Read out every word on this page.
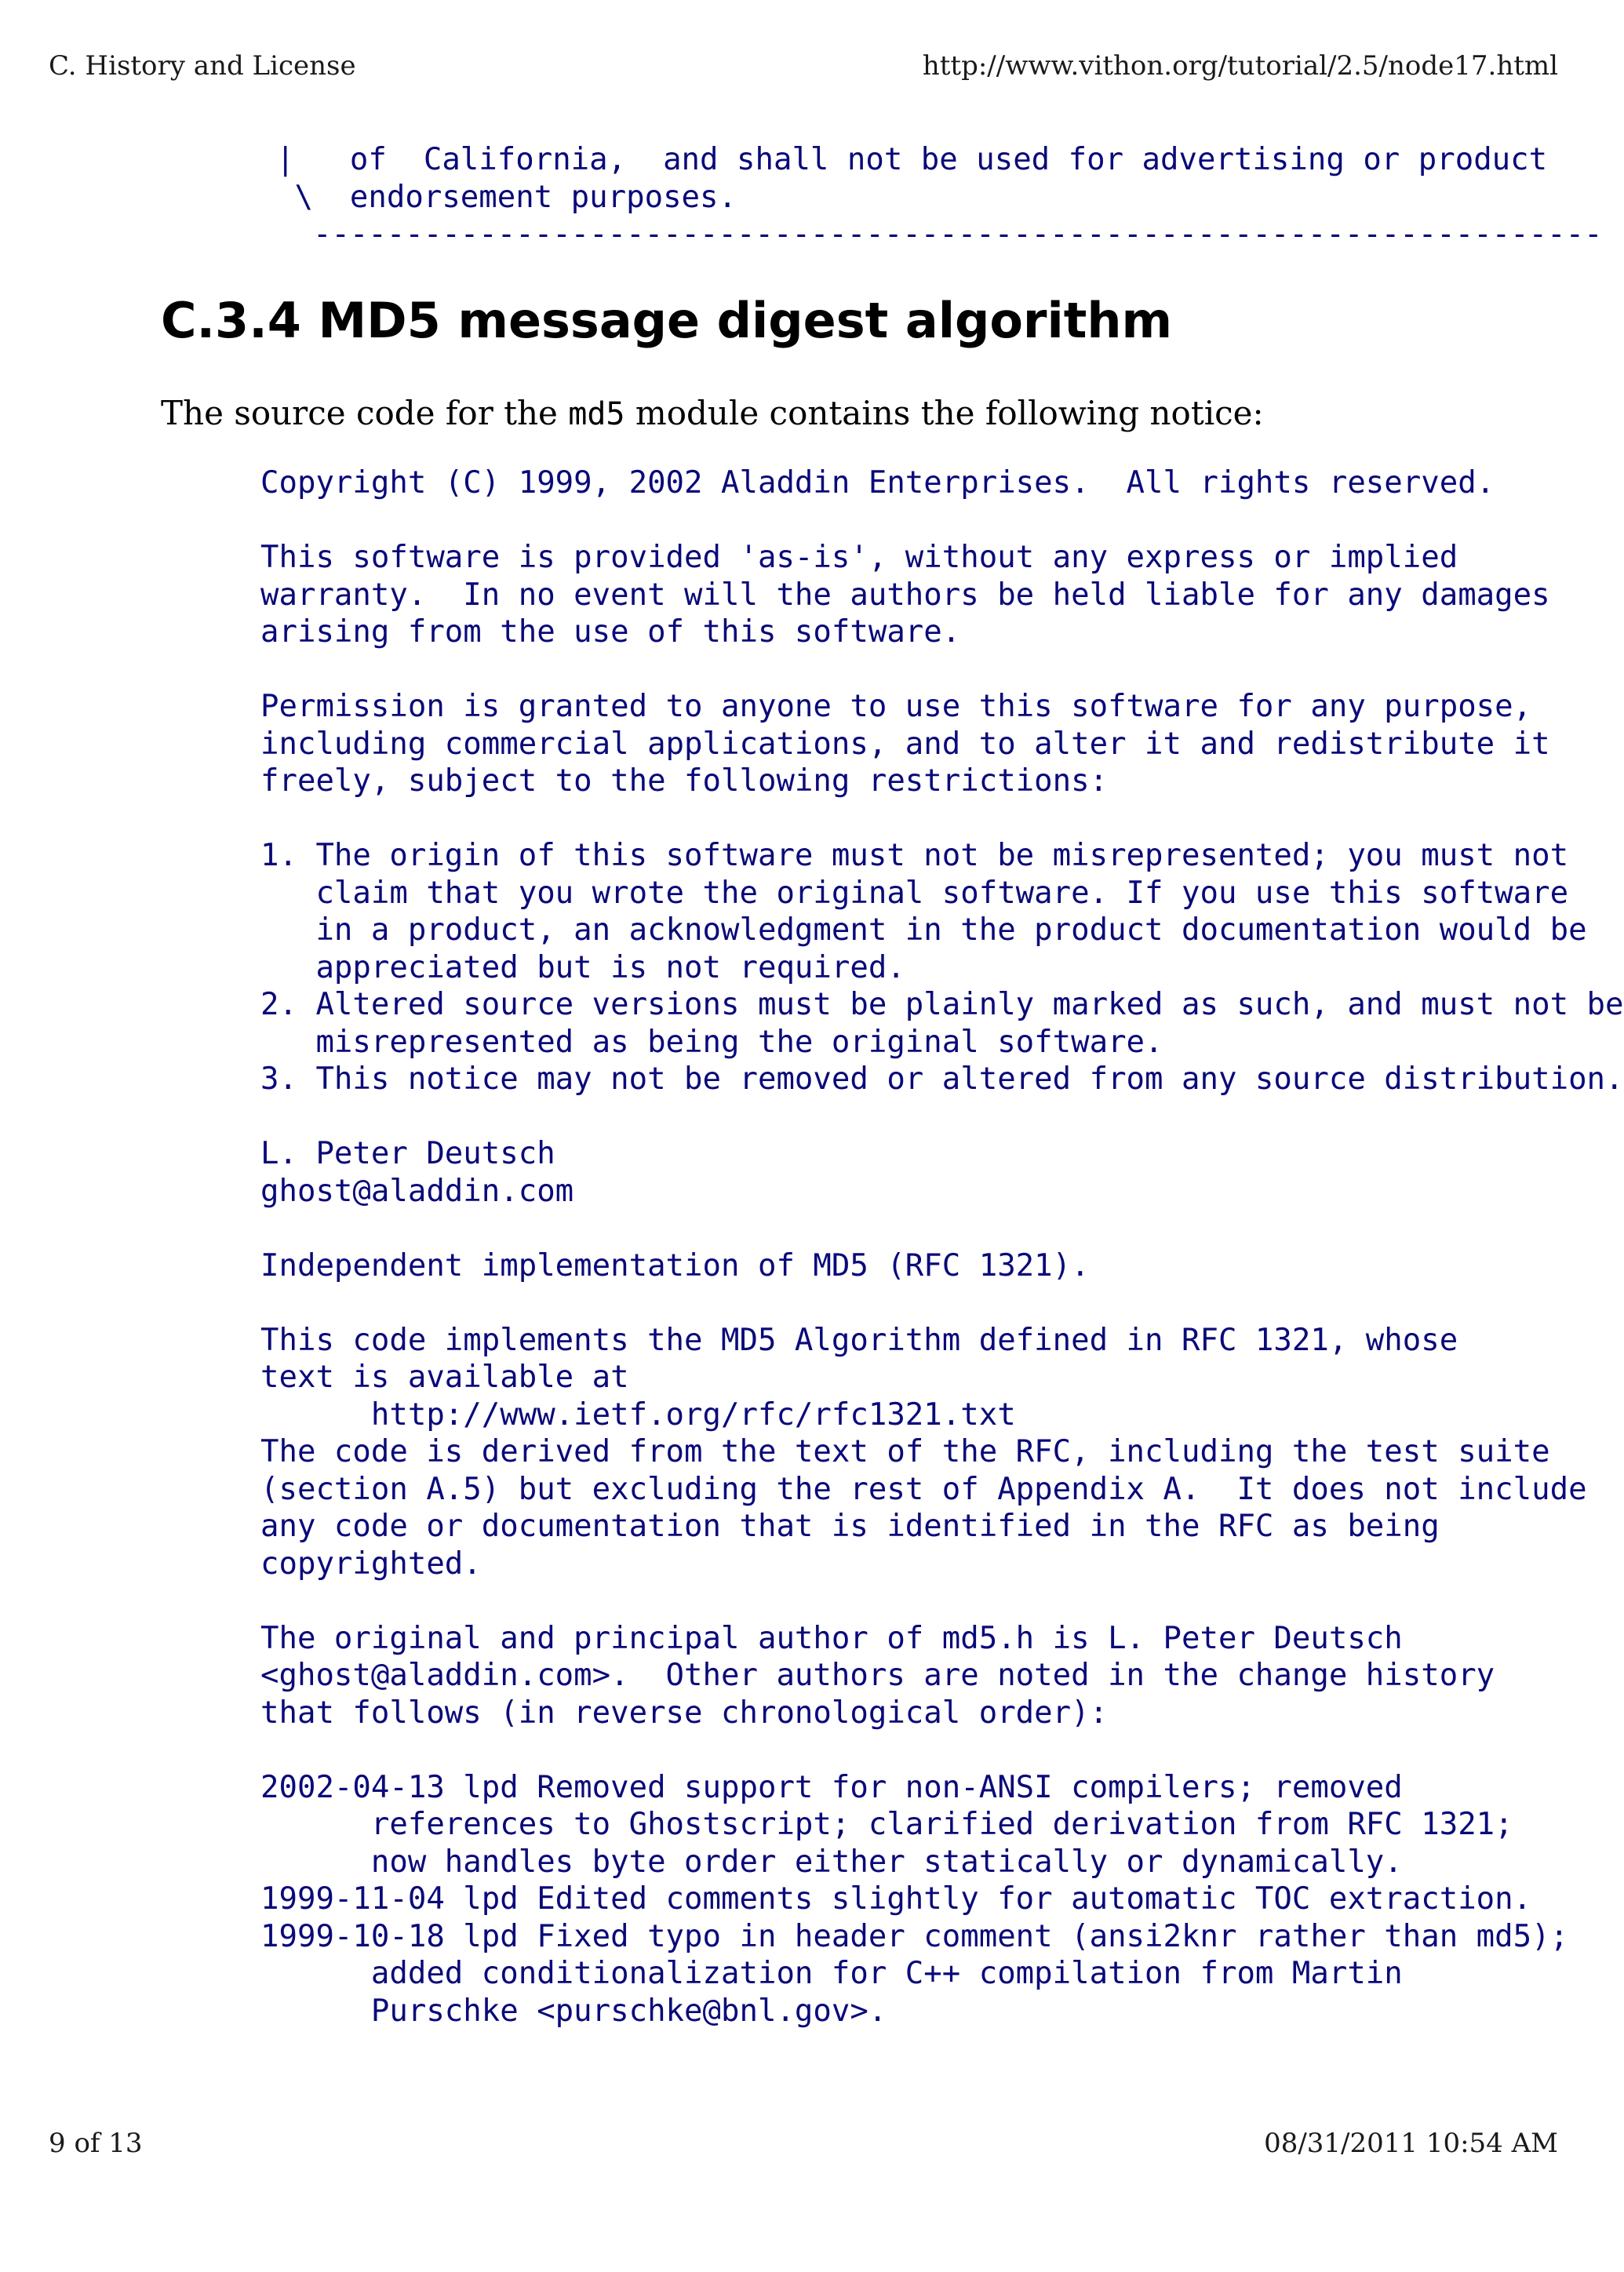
C. History and License	http://www.vithon.org/tutorial/2.5/node17.html
|   of  California,  and shall not be used for advertising or product
\  endorsement purposes.
----------------------------------------------------------------------
C.3.4 MD5 message digest algorithm

The source code for the md5 module contains the following notice:

Copyright (C) 1999, 2002 Aladdin Enterprises.  All rights reserved.

This software is provided 'as-is', without any express or implied
warranty.  In no event will the authors be held liable for any damages
arising from the use of this software.

Permission is granted to anyone to use this software for any purpose,
including commercial applications, and to alter it and redistribute it
freely, subject to the following restrictions:

1. The origin of this software must not be misrepresented; you must not
claim that you wrote the original software. If you use this software
in a product, an acknowledgment in the product documentation would be
appreciated but is not required.
2. Altered source versions must be plainly marked as such, and must not be
misrepresented as being the original software.
3. This notice may not be removed or altered from any source distribution.

L. Peter Deutsch
ghost@aladdin.com

Independent implementation of MD5 (RFC 1321).

This code implements the MD5 Algorithm defined in RFC 1321, whose
text is available at
http://www.ietf.org/rfc/rfc1321.txt
The code is derived from the text of the RFC, including the test suite
(section A.5) but excluding the rest of Appendix A.  It does not include
any code or documentation that is identified in the RFC as being
copyrighted.

The original and principal author of md5.h is L. Peter Deutsch
<ghost@aladdin.com>.  Other authors are noted in the change history
that follows (in reverse chronological order):

2002-04-13 lpd Removed support for non-ANSI compilers; removed
references to Ghostscript; clarified derivation from RFC 1321;
now handles byte order either statically or dynamically.
1999-11-04 lpd Edited comments slightly for automatic TOC extraction.
1999-10-18 lpd Fixed typo in header comment (ansi2knr rather than md5);
added conditionalization for C++ compilation from Martin
Purschke <purschke@bnl.gov>.
9 of 13	08/31/2011 10:54 AM
